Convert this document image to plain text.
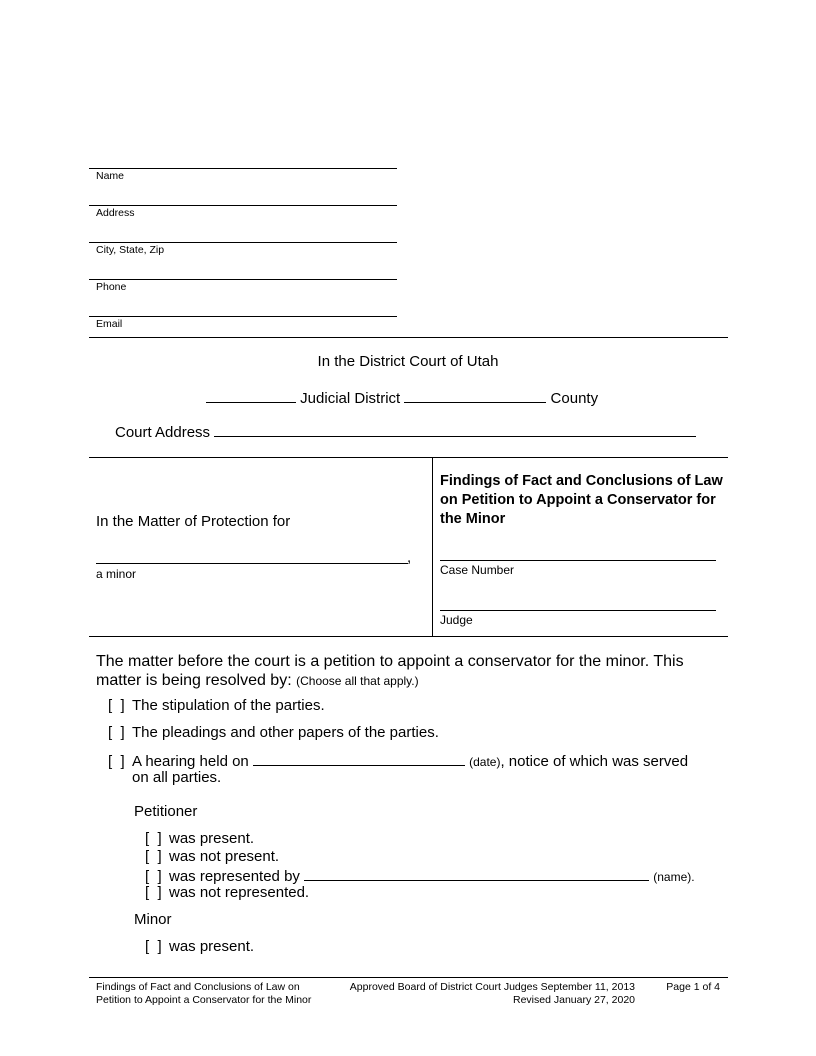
Name
Address
City, State, Zip
Phone
Email
In the District Court of Utah
Judicial District	County
Court Address
In the Matter of Protection for
,
a minor
Findings of Fact and Conclusions of Law on Petition to Appoint a Conservator for the Minor
Case Number
Judge
The matter before the court is a petition to appoint a conservator for the minor. This matter is being resolved by: (Choose all that apply.)
[  ] The stipulation of the parties.
[  ] The pleadings and other papers of the parties.
[  ] A hearing held on	(date), notice of which was served
on all parties.
Petitioner
[  ] was present.
[  ] was not present.
[  ] was represented by	(name).
[  ] was not represented.
Minor
[  ] was present.
Findings of Fact and Conclusions of Law on
Petition to Appoint a Conservator for the Minor
Approved Board of District Court Judges September 11, 2013
Revised January 27, 2020
Page 1 of 4
